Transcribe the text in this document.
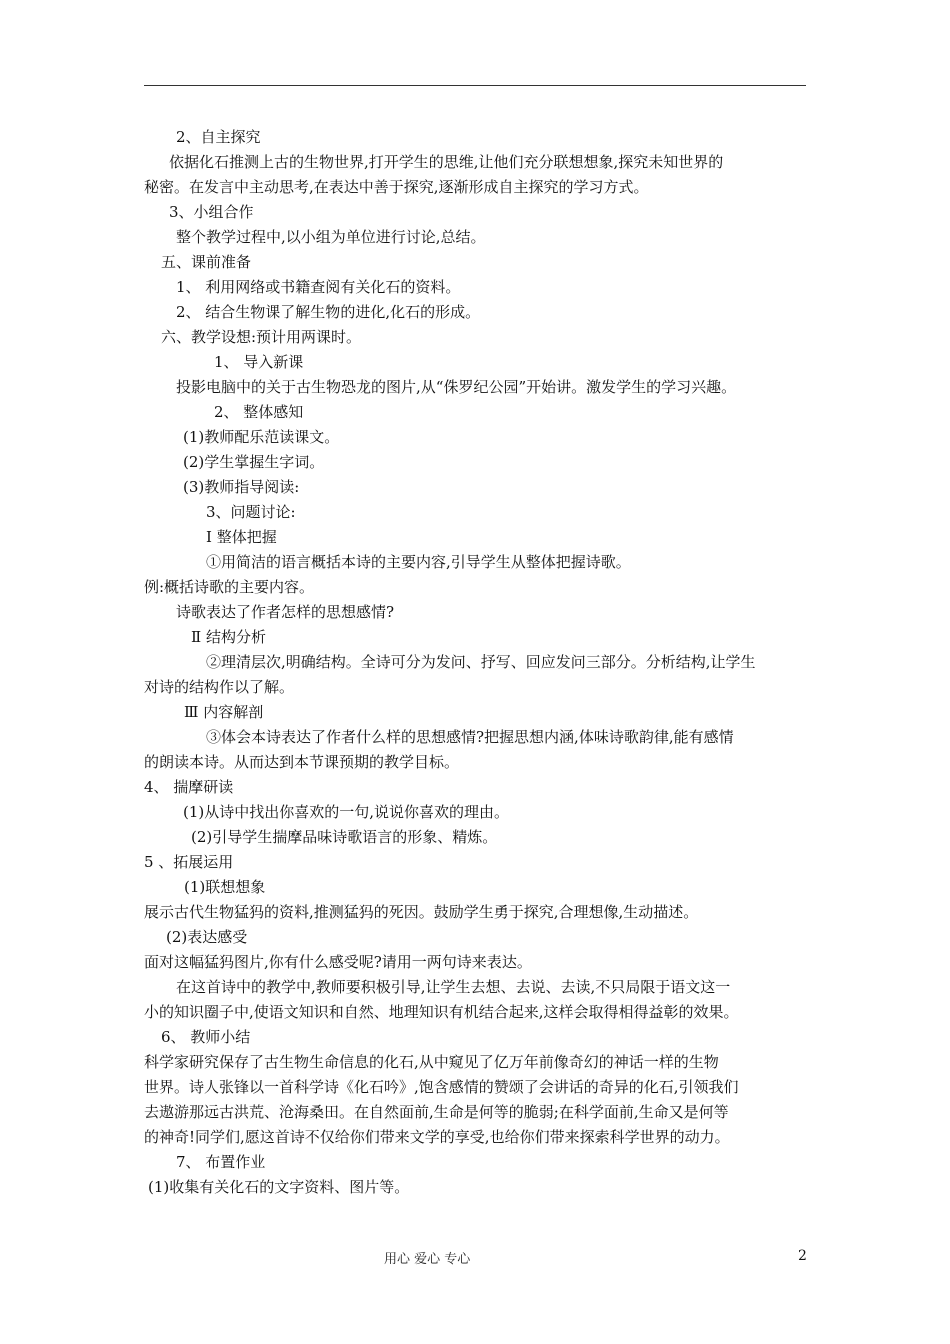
2、自主探究
依据化石推测上古的生物世界,打开学生的思维,让他们充分联想想象,探究未知世界的
秘密。在发言中主动思考,在表达中善于探究,逐渐形成自主探究的学习方式。
3、小组合作
整个教学过程中,以小组为单位进行讨论,总结。
五、课前准备
1、 利用网络或书籍查阅有关化石的资料。
2、 结合生物课了解生物的进化,化石的形成。
六、教学设想:预计用两课时。
1、 导入新课
投影电脑中的关于古生物恐龙的图片,从“侏罗纪公园”开始讲。激发学生的学习兴趣。
2、 整体感知
(1)教师配乐范读课文。
(2)学生掌握生字词。
(3)教师指导阅读:
3、问题讨论:
Ⅰ 整体把握
①用简洁的语言概括本诗的主要内容,引导学生从整体把握诗歌。
例:概括诗歌的主要内容。
诗歌表达了作者怎样的思想感情?
Ⅱ 结构分析
②理清层次,明确结构。全诗可分为发问、抒写、回应发问三部分。分析结构,让学生
对诗的结构作以了解。
Ⅲ 内容解剖
③体会本诗表达了作者什么样的思想感情?把握思想内涵,体味诗歌韵律,能有感情
的朗读本诗。从而达到本节课预期的教学目标。
4、 揣摩研读
(1)从诗中找出你喜欢的一句,说说你喜欢的理由。
(2)引导学生揣摩品味诗歌语言的形象、精炼。
5 、拓展运用
(1)联想想象
展示古代生物猛犸的资料,推测猛犸的死因。鼓励学生勇于探究,合理想像,生动描述。
(2)表达感受
面对这幅猛犸图片,你有什么感受呢?请用一两句诗来表达。
在这首诗中的教学中,教师要积极引导,让学生去想、去说、去读,不只局限于语文这一
小的知识圈子中,使语文知识和自然、地理知识有机结合起来,这样会取得相得益彰的效果。
6、 教师小结
科学家研究保存了古生物生命信息的化石,从中窥见了亿万年前像奇幻的神话一样的生物
世界。诗人张锋以一首科学诗《化石吟》,饱含感情的赞颂了会讲话的奇异的化石,引领我们
去遨游那远古洪荒、沧海桑田。在自然面前,生命是何等的脆弱;在科学面前,生命又是何等
的神奇!同学们,愿这首诗不仅给你们带来文学的享受,也给你们带来探索科学世界的动力。
7、 布置作业
(1)收集有关化石的文字资料、图片等。
用心 爱心 专心	2
